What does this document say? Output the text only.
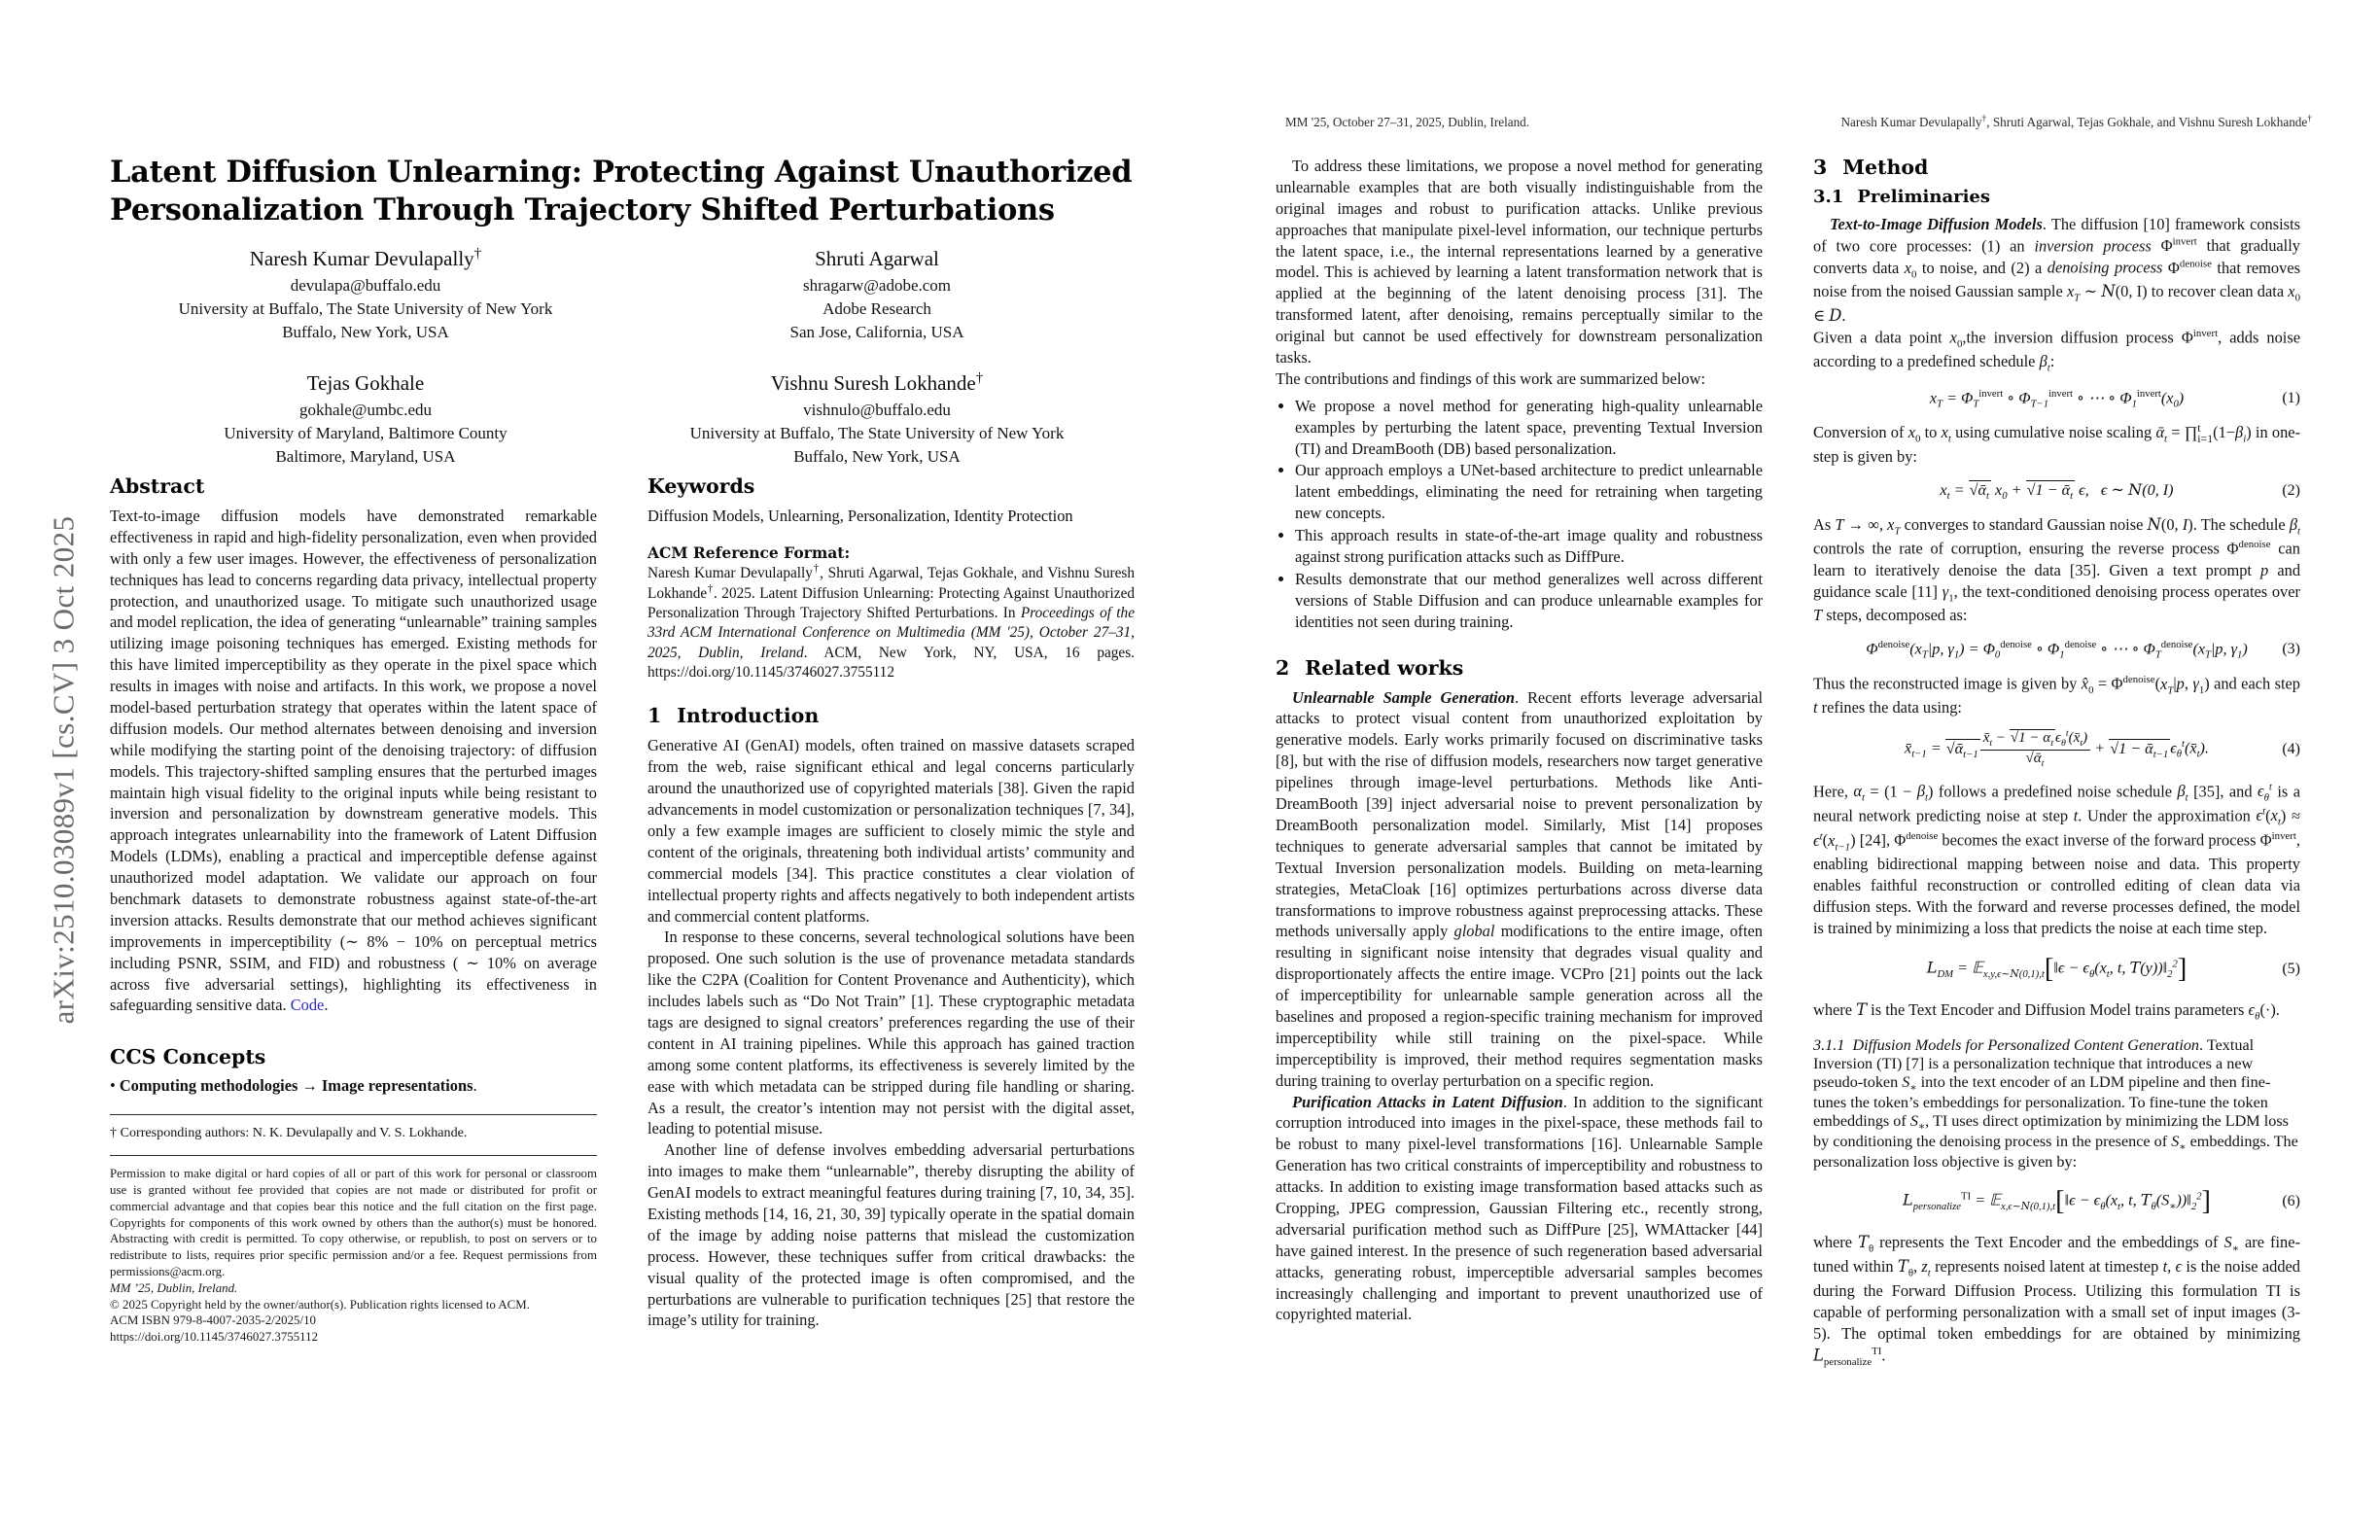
arXiv:2510.03089v1 [cs.CV] 3 Oct 2025
Latent Diffusion Unlearning: Protecting Against Unauthorized Personalization Through Trajectory Shifted Perturbations
Naresh Kumar Devulapally†
devulapa@buffalo.edu
University at Buffalo, The State University of New York
Buffalo, New York, USA
Shruti Agarwal
shragarw@adobe.com
Adobe Research
San Jose, California, USA
Tejas Gokhale
gokhale@umbc.edu
University of Maryland, Baltimore County
Baltimore, Maryland, USA
Vishnu Suresh Lokhande†
vishnulo@buffalo.edu
University at Buffalo, The State University of New York
Buffalo, New York, USA
Abstract

Text-to-image diffusion models have demonstrated remarkable effectiveness in rapid and high-fidelity personalization, even when provided with only a few user images. However, the effectiveness of personalization techniques has lead to concerns regarding data privacy, intellectual property protection, and unauthorized usage. To mitigate such unauthorized usage and model replication, the idea of generating “unlearnable” training samples utilizing image poisoning techniques has emerged. Existing methods for this have limited imperceptibility as they operate in the pixel space which results in images with noise and artifacts. In this work, we propose a novel model-based perturbation strategy that operates within the latent space of diffusion models. Our method alternates between denoising and inversion while modifying the starting point of the denoising trajectory: of diffusion models. This trajectory-shifted sampling ensures that the perturbed images maintain high visual fidelity to the original inputs while being resistant to inversion and personalization by downstream generative models. This approach integrates unlearnability into the framework of Latent Diffusion Models (LDMs), enabling a practical and imperceptible defense against unauthorized model adaptation. We validate our approach on four benchmark datasets to demonstrate robustness against state-of-the-art inversion attacks. Results demonstrate that our method achieves significant improvements in imperceptibility (∼ 8% − 10% on perceptual metrics including PSNR, SSIM, and FID) and robustness ( ∼ 10% on average across five adversarial settings), highlighting its effectiveness in safeguarding sensitive data. Code.

CCS Concepts

• Computing methodologies → Image representations.

† Corresponding authors: N. K. Devulapally and V. S. Lokhande.

Permission to make digital or hard copies of all or part of this work for personal or classroom use is granted without fee provided that copies are not made or distributed for profit or commercial advantage and that copies bear this notice and the full citation on the first page. Copyrights for components of this work owned by others than the author(s) must be honored. Abstracting with credit is permitted. To copy otherwise, or republish, to post on servers or to redistribute to lists, requires prior specific permission and/or a fee. Request permissions from permissions@acm.org.
MM ’25, Dublin, Ireland.
© 2025 Copyright held by the owner/author(s). Publication rights licensed to ACM.
ACM ISBN 979-8-4007-2035-2/2025/10
https://doi.org/10.1145/3746027.3755112

Keywords

Diffusion Models, Unlearning, Personalization, Identity Protection

ACM Reference Format:

Naresh Kumar Devulapally†, Shruti Agarwal, Tejas Gokhale, and Vishnu Suresh Lokhande†. 2025. Latent Diffusion Unlearning: Protecting Against Unauthorized Personalization Through Trajectory Shifted Perturbations. In Proceedings of the 33rd ACM International Conference on Multimedia (MM '25), October 27–31, 2025, Dublin, Ireland. ACM, New York, NY, USA, 16 pages. https://doi.org/10.1145/3746027.3755112

1 Introduction

Generative AI (GenAI) models, often trained on massive datasets scraped from the web, raise significant ethical and legal concerns particularly around the unauthorized use of copyrighted materials [38]. Given the rapid advancements in model customization or personalization techniques [7, 34], only a few example images are sufficient to closely mimic the style and content of the originals, threatening both individual artists’ community and commercial models [34]. This practice constitutes a clear violation of intellectual property rights and affects negatively to both independent artists and commercial content platforms.

In response to these concerns, several technological solutions have been proposed. One such solution is the use of provenance metadata standards like the C2PA (Coalition for Content Provenance and Authenticity), which includes labels such as “Do Not Train” [1]. These cryptographic metadata tags are designed to signal creators’ preferences regarding the use of their content in AI training pipelines. While this approach has gained traction among some content platforms, its effectiveness is severely limited by the ease with which metadata can be stripped during file handling or sharing. As a result, the creator’s intention may not persist with the digital asset, leading to potential misuse.

Another line of defense involves embedding adversarial perturbations into images to make them “unlearnable”, thereby disrupting the ability of GenAI models to extract meaningful features during training [7, 10, 34, 35]. Existing methods [14, 16, 21, 30, 39] typically operate in the spatial domain of the image by adding noise patterns that mislead the customization process. However, these techniques suffer from critical drawbacks: the visual quality of the protected image is often compromised, and the perturbations are vulnerable to purification techniques [25] that restore the image’s utility for training.

MM '25, October 27–31, 2025, Dublin, Ireland.	Naresh Kumar Devulapally†, Shruti Agarwal, Tejas Gokhale, and Vishnu Suresh Lokhande†

To address these limitations, we propose a novel method for generating unlearnable examples that are both visually indistinguishable from the original images and robust to purification attacks. Unlike previous approaches that manipulate pixel-level information, our technique perturbs the latent space, i.e., the internal representations learned by a generative model. This is achieved by learning a latent transformation network that is applied at the beginning of the latent denoising process [31]. The transformed latent, after denoising, remains perceptually similar to the original but cannot be used effectively for downstream personalization tasks.

The contributions and findings of this work are summarized below:

• We propose a novel method for generating high-quality unlearnable examples by perturbing the latent space, preventing Textual Inversion (TI) and DreamBooth (DB) based personalization.
• Our approach employs a UNet-based architecture to predict unlearnable latent embeddings, eliminating the need for retraining when targeting new concepts.
• This approach results in state-of-the-art image quality and robustness against strong purification attacks such as DiffPure.
• Results demonstrate that our method generalizes well across different versions of Stable Diffusion and can produce unlearnable examples for identities not seen during training.
2 Related works

Unlearnable Sample Generation. Recent efforts leverage adversarial attacks to protect visual content from unauthorized exploitation by generative models. Early works primarily focused on discriminative tasks [8], but with the rise of diffusion models, researchers now target generative pipelines through image-level perturbations. Methods like Anti-DreamBooth [39] inject adversarial noise to prevent personalization by DreamBooth personalization model. Similarly, Mist [14] proposes techniques to generate adversarial samples that cannot be imitated by Textual Inversion personalization models. Building on meta-learning strategies, MetaCloak [16] optimizes perturbations across diverse data transformations to improve robustness against preprocessing attacks. These methods universally apply global modifications to the entire image, often resulting in significant noise intensity that degrades visual quality and disproportionately affects the entire image. VCPro [21] points out the lack of imperceptibility for unlearnable sample generation across all the baselines and proposed a region-specific training mechanism for improved imperceptibility while still training on the pixel-space. While imperceptibility is improved, their method requires segmentation masks during training to overlay perturbation on a specific region.

Purification Attacks in Latent Diffusion. In addition to the significant corruption introduced into images in the pixel-space, these methods fail to be robust to many pixel-level transformations [16]. Unlearnable Sample Generation has two critical constraints of imperceptibility and robustness to attacks. In addition to existing image transformation based attacks such as Cropping, JPEG compression, Gaussian Filtering etc., recently strong, adversarial purification method such as DiffPure [25], WMAttacker [44] have gained interest. In the presence of such regeneration based adversarial attacks, generating robust, imperceptible adversarial samples becomes increasingly challenging and important to prevent unauthorized use of copyrighted material.

3 Method
3.1 Preliminaries

Text-to-Image Diffusion Models. The diffusion [10] framework consists of two core processes: (1) an inversion process $\Phi^{invert}$ that gradually converts data $x_0$ to noise, and (2) a denoising process $\Phi^{denoise}$ that removes noise from the noised Gaussian sample $x_T$ ∼ N(0, I) to recover clean data $x_0$ ∈ D.

Given a data point $x_0,the$ inversion diffusion process $\Phi^{invert}$, adds noise according to a predefined schedule $\beta_t$:

$x_T = \Phi_T^{invert}$ ∘ $\Phi_{T-1}^{invert}$ ∘ ⋯ ∘ $\Phi_1^{invert}(x_0)$	(1)

Conversion of $x_0$ to $x_t$ using cumulative noise scaling ᾱ$_t$ = ∏ t
i=1 $(1-\beta_i)$ in one-step is given by:

$x_t$ = √ᾱ$_t$ $x_0 + √1$ − ᾱ$_t$ ϵ,   ϵ ∼ N(0, I)	(2)

As T → ∞, $x_T$ converges to standard Gaussian noise N(0, I). The schedule $\beta_t$ controls the rate of corruption, ensuring the reverse process $\Phi^{denoise}$ can learn to iteratively denoise the data [35]. Given a text prompt p and guidance scale [11] $\gamma_1$, the text-conditioned denoising process operates over T steps, decomposed as:

$\Phi^{denoise}(x_T|p$, $\gamma_1) = \Phi_0^{denoise}$ ∘ $\Phi_1^{denoise}$ ∘ ⋯ ∘ $\Phi_T^{denoise}(x_T|p$, $\gamma_1$) (3)

Thus the reconstructed image is given by $x̂_0 = \Phi^{denoise}(x_T|p$, $\gamma_1$) and each step t refines the data using:

$x̄_{t-1}$ = √ᾱ$_{t-1}$ $\frac{x̄_t - √1 - \alpha_t \epsilon_\theta^t(x̄_t)}{√ᾱ_t} + √1$ − ᾱ$_{t-1}$ $\epsilon_\theta^t(x̄_t)$.	(4)

Here, $\alpha_t = (1 - \beta_t)$ follows a predefined noise schedule $\beta_t$ [35], and $\epsilon_\theta^t$ is a neural network predicting noise at step t. Under the approximation $\epsilon^t(x_t) \approx \epsilon^t(x_{t-1})$ [24], $\Phi^{denoise}$ becomes the exact inverse of the forward process $\Phi^{invert}$, enabling bidirectional mapping between noise and data. This property enables faithful reconstruction or controlled editing of clean data via diffusion steps. With the forward and reverse processes defined, the model is trained by minimizing a loss that predicts the noise at each time step.

$L_{DM}$ = 𝔼$_{x,y,\epsilon\sim N(0,1),t}$[‖ϵ − $\epsilon_\theta(x_t$, t, $T(y))‖_2^2$]	(5)

where T is the Text Encoder and Diffusion Model trains parameters $\epsilon_\theta(\cdot)$.

3.1.1 Diffusion Models for Personalized Content Generation. Textual Inversion (TI) [7] is a personalization technique that introduces a new pseudo-token $S_∗$ into the text encoder of an LDM pipeline and then fine-tunes the token’s embeddings for personalization. To fine-tune the token embeddings of $S_∗$, TI uses direct optimization by minimizing the LDM loss by conditioning the denoising process in the presence of $S_∗$ embeddings. The personalization loss objective is given by:
$L_{personalize}^{TI}$ = 𝔼$_{x,\epsilon\sim N(0,1),t}$[‖ϵ − $\epsilon_\theta(x_t$, t, $T_\theta(S_∗))‖_2^2$]	(6)

where $T_\theta$ represents the Text Encoder and the embeddings of $S_∗$ are fine-tuned within $T_\theta$, $z_t$ represents noised latent at timestep t, ϵ is the noise added during the Forward Diffusion Process. Utilizing this formulation TI is capable of performing personalization with a small set of input images (3-5). The optimal token embeddings for are obtained by minimizing $L_{personalize}^{TI}$.
